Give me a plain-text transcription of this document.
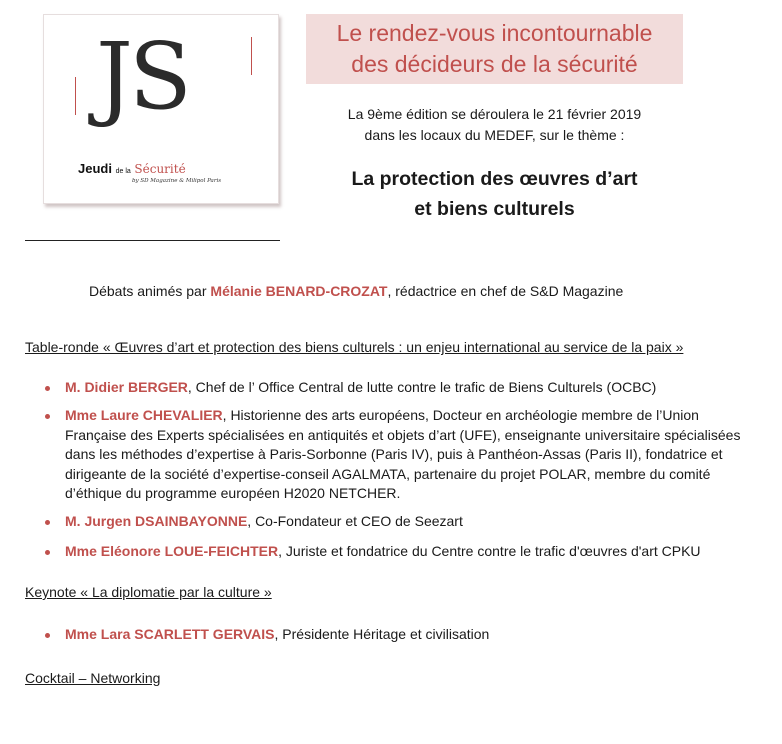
JS
Jeudi de la Sécurité
by SD Magazine & Milipol Paris
Le rendez-vous incontournable
des décideurs de la sécurité
La 9ème édition se déroulera le 21 février 2019
dans les locaux du MEDEF, sur le thème :
La protection des œuvres d’art
et biens culturels
Débats animés par Mélanie BENARD-CROZAT, rédactrice en chef de S&D Magazine
Table-ronde « Œuvres d’art et protection des biens culturels : un enjeu international au service de la paix »
M. Didier BERGER, Chef de l’ Office Central de lutte contre le trafic de Biens Culturels (OCBC)
Mme Laure CHEVALIER, Historienne des arts européens, Docteur en archéologie membre de l’Union Française des Experts spécialisées en antiquités et objets d’art (UFE), enseignante universitaire spécialisées dans les méthodes d’expertise à Paris-Sorbonne (Paris IV), puis à Panthéon-Assas (Paris II), fondatrice et dirigeante de la société d’expertise-conseil AGALMATA, partenaire du projet POLAR, membre du comité d’éthique du programme européen H2020 NETCHER.
M. Jurgen DSAINBAYONNE, Co-Fondateur et CEO de Seezart
Mme Eléonore LOUE-FEICHTER, Juriste et fondatrice du Centre contre le trafic d'œuvres d'art CPKU
Keynote « La diplomatie par la culture »
Mme Lara SCARLETT GERVAIS, Présidente Héritage et civilisation
Cocktail – Networking
